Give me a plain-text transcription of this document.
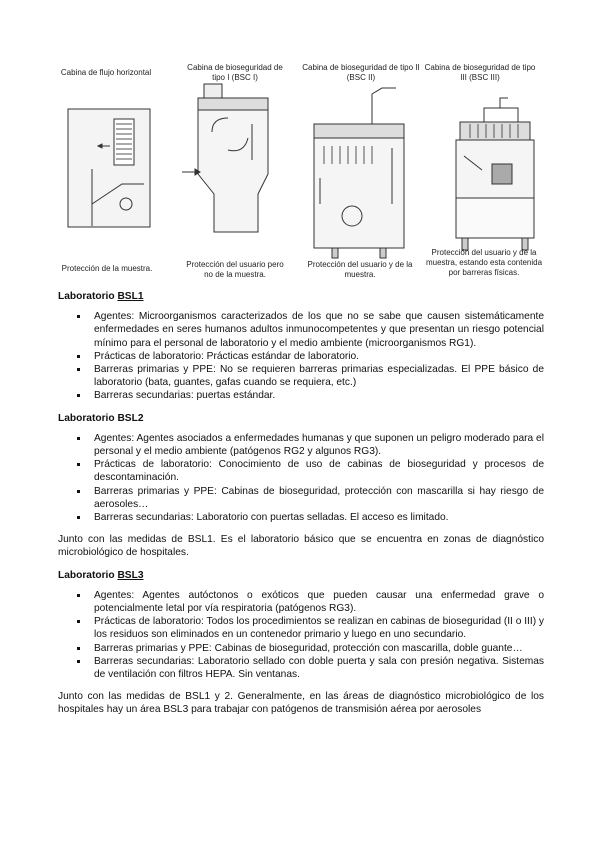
Cabina de flujo horizontal
Cabina de bioseguridad de tipo I (BSC I)
Cabina de bioseguridad de tipo II (BSC II)
Cabina de bioseguridad de tipo III (BSC III)
Protección de la muestra.	Protección del usuario pero no de la muestra.
Protección del usuario y de la muestra.
Protección del usuario y de la muestra, estando esta contenida por barreras físicas.
Laboratorio BSL1
Agentes: Microorganismos caracterizados de los que no se sabe que causen sistemáticamente enfermedades en seres humanos adultos inmunocompetentes y que presentan un riesgo potencial mínimo para el personal de laboratorio y el medio ambiente (microorganismos RG1).
Prácticas de laboratorio: Prácticas estándar de laboratorio.
Barreras primarias y PPE: No se requieren barreras primarias especializadas. El PPE básico de laboratorio (bata, guantes, gafas cuando se requiera, etc.)
Barreras secundarias: puertas estándar.
Laboratorio BSL2
Agentes: Agentes asociados a enfermedades humanas y que suponen un peligro moderado para el personal y el medio ambiente (patógenos RG2 y algunos RG3).
Prácticas de laboratorio: Conocimiento de uso de cabinas de bioseguridad y procesos de descontaminación.
Barreras primarias y PPE: Cabinas de bioseguridad, protección con mascarilla si hay riesgo de aerosoles…
Barreras secundarias: Laboratorio con puertas selladas. El acceso es limitado.

Junto con las medidas de BSL1. Es el laboratorio básico que se encuentra en zonas de diagnóstico microbiológico de hospitales.

Laboratorio BSL3
Agentes: Agentes autóctonos o exóticos que pueden causar una enfermedad grave o potencialmente letal por vía respiratoria (patógenos RG3).
Prácticas de laboratorio: Todos los procedimientos se realizan en cabinas de bioseguridad (II o III) y los residuos son eliminados en un contenedor primario y luego en uno secundario.
Barreras primarias y PPE: Cabinas de bioseguridad, protección con mascarilla, doble guante…
Barreras secundarias: Laboratorio sellado con doble puerta y sala con presión negativa. Sistemas de ventilación con filtros HEPA. Sin ventanas.

Junto con las medidas de BSL1 y 2. Generalmente, en las áreas de diagnóstico microbiológico de los hospitales hay un área BSL3 para trabajar con patógenos de transmisión aérea por aerosoles
